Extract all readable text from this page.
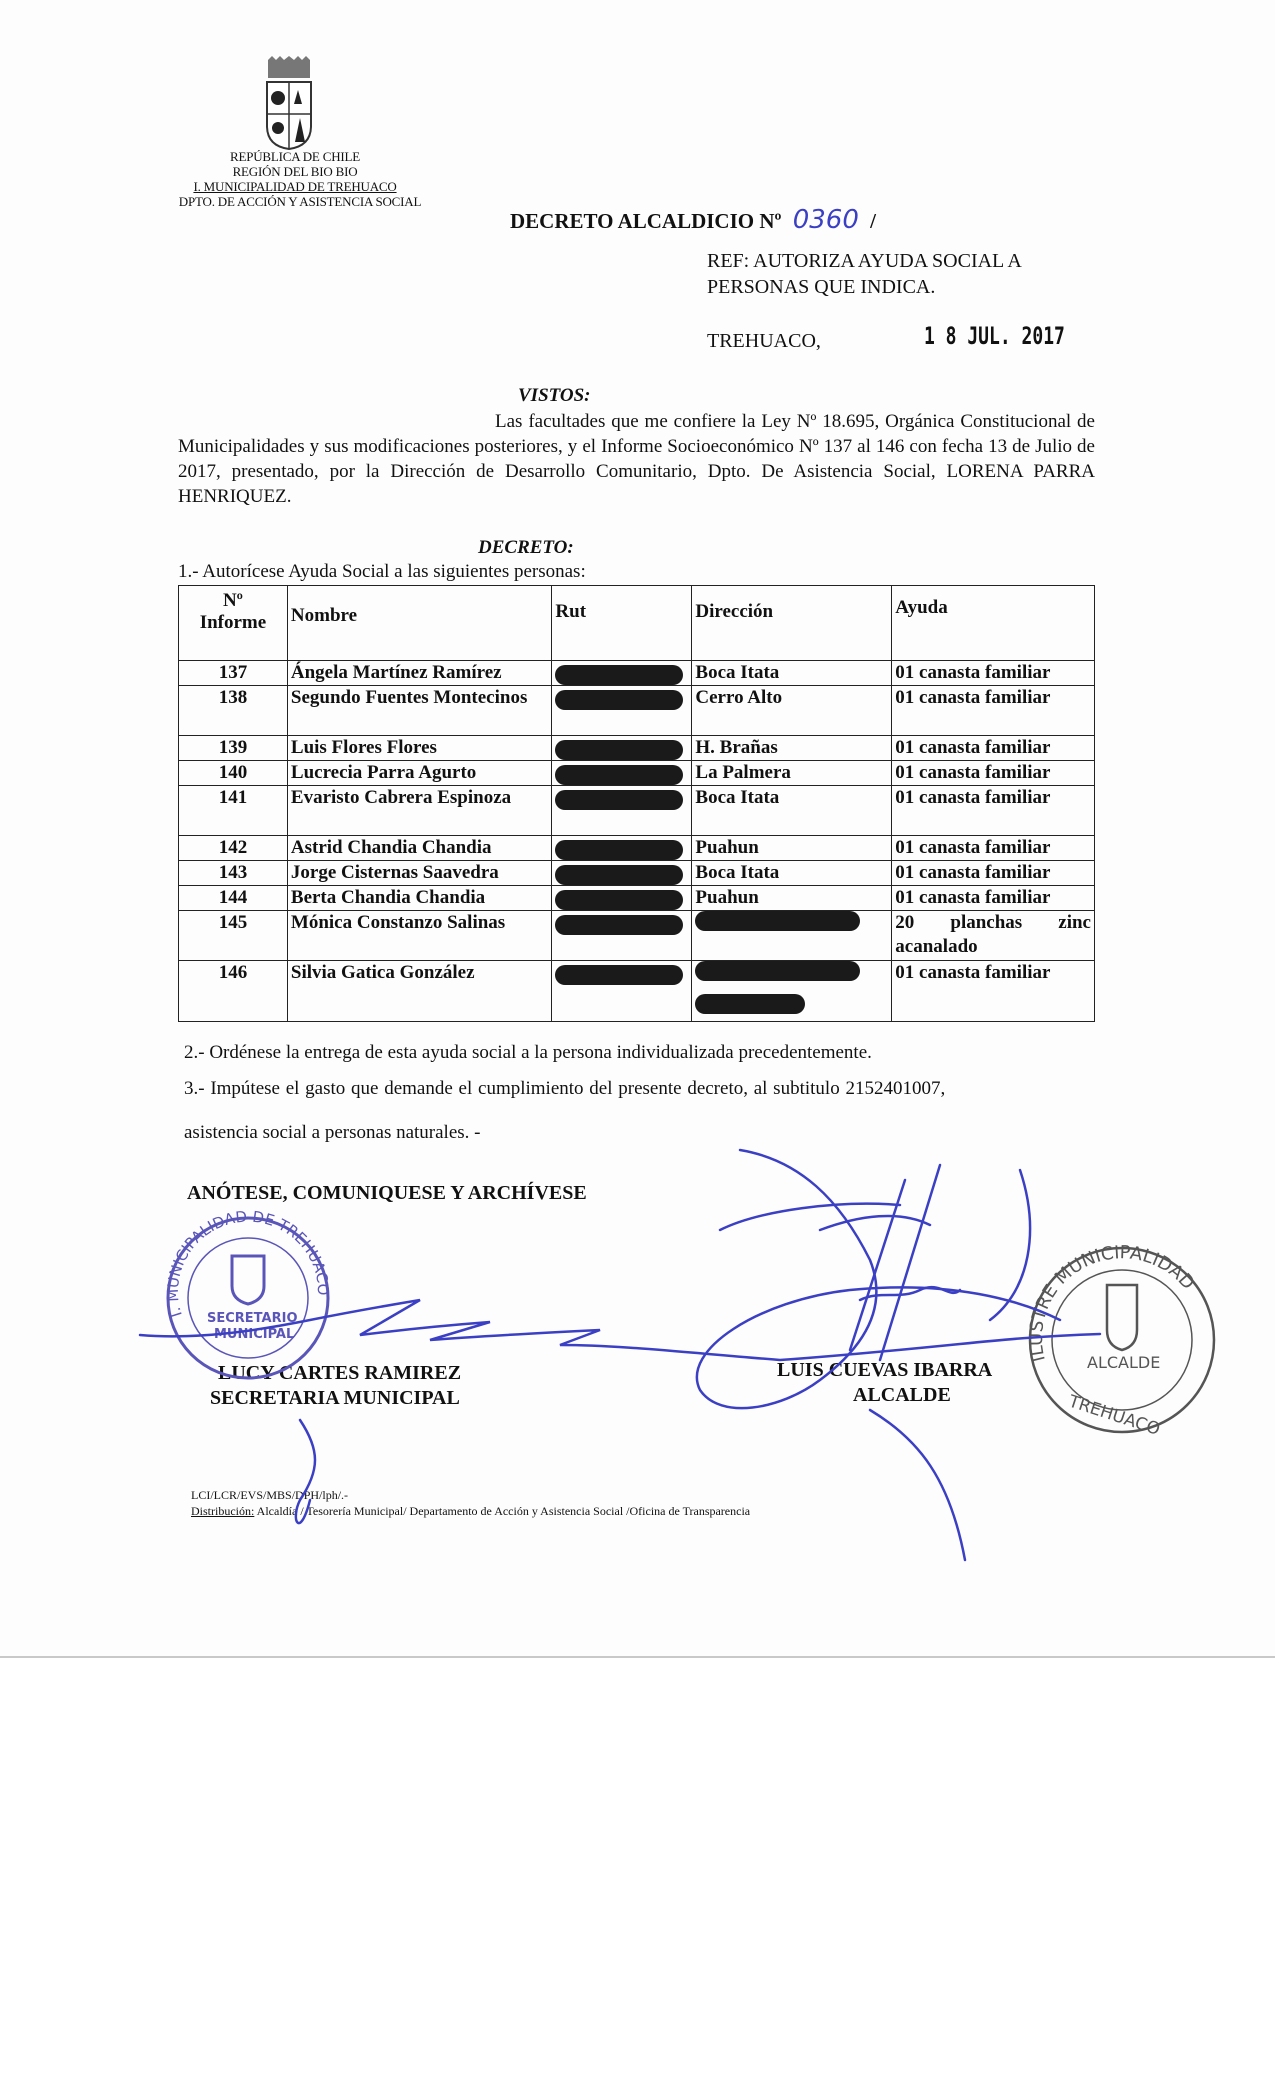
REPÚBLICA DE CHILE
REGIÓN DEL BIO BIO
I. MUNICIPALIDAD DE TREHUACO
DPTO. DE ACCIÓN Y ASISTENCIA SOCIAL
DECRETO ALCALDICIO Nº 0360 /
REF: AUTORIZA AYUDA SOCIAL A
PERSONAS QUE INDICA.
TREHUACO,	1 8 JUL. 2017
VISTOS:
Las facultades que me confiere la Ley Nº 18.695, Orgánica Constitucional de Municipalidades y sus modificaciones posteriores, y el Informe Socioeconómico Nº 137 al 146 con fecha 13 de Julio de 2017, presentado, por la Dirección de Desarrollo Comunitario, Dpto. De Asistencia Social, LORENA PARRA HENRIQUEZ.
DECRETO:
1.- Autorícese Ayuda Social a las siguientes personas:
Nº
Informe	Nombre	Rut	Dirección	Ayuda
137	Ángela Martínez Ramírez		Boca Itata	01 canasta familiar
138	Segundo Fuentes Montecinos		Cerro Alto	01 canasta familiar
139	Luis Flores Flores		H. Brañas	01 canasta familiar
140	Lucrecia Parra Agurto		La Palmera	01 canasta familiar
141	Evaristo Cabrera Espinoza		Boca Itata	01 canasta familiar
142	Astrid Chandia Chandia		Puahun	01 canasta familiar
143	Jorge Cisternas Saavedra		Boca Itata	01 canasta familiar
144	Berta Chandia Chandia		Puahun	01 canasta familiar
145	Mónica Constanzo Salinas			20 planchas zinc acanalado
146	Silvia Gatica González			01 canasta familiar
2.- Ordénese la entrega de esta ayuda social a la persona individualizada precedentemente.
3.- Impútese el gasto que demande el cumplimiento del presente decreto, al subtitulo 2152401007,
asistencia social a personas naturales. -
ANÓTESE, COMUNIQUESE Y ARCHÍVESE
LUCY CARTES RAMIREZ
SECRETARIA MUNICIPAL
LUIS CUEVAS IBARRA
ALCALDE
LCI/LCR/EVS/MBS/DPH/lph/.-
Distribución: Alcaldía / Tesorería Municipal/ Departamento de Acción y Asistencia Social /Oficina de Transparencia
SECRETARIO
MUNICIPAL
I. MUNICIPALIDAD DE TREHUACO
ILUSTRE MUNICIPALIDAD
ALCALDE
TREHUACO
